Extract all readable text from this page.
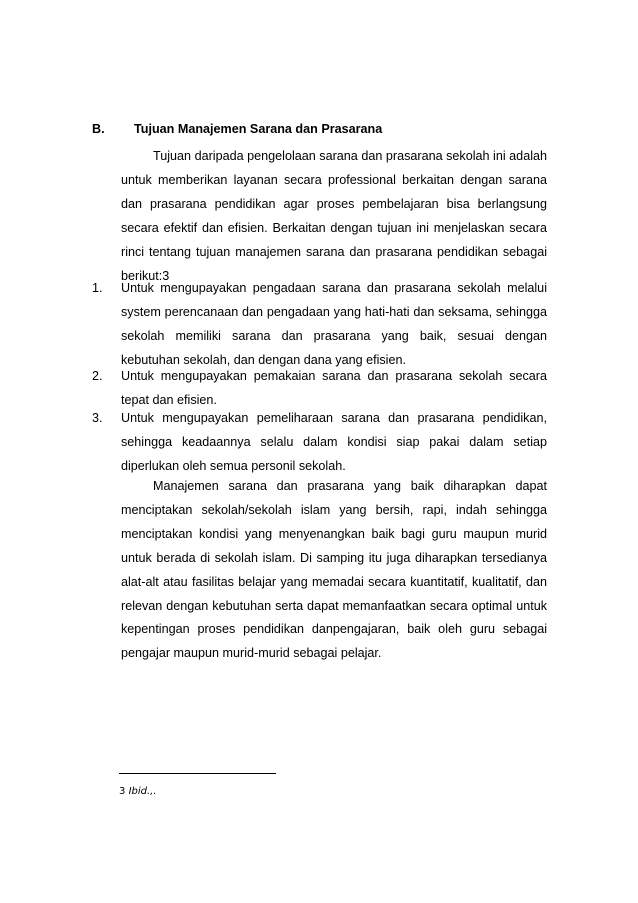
B. Tujuan Manajemen Sarana dan Prasarana

Tujuan daripada pengelolaan sarana dan prasarana sekolah ini adalah untuk memberikan layanan secara professional berkaitan dengan sarana dan prasarana pendidikan agar proses pembelajaran bisa berlangsung secara efektif dan efisien. Berkaitan dengan tujuan ini menjelaskan secara rinci tentang tujuan manajemen sarana dan prasarana pendidikan sebagai berikut:3

1.	Untuk mengupayakan pengadaan sarana dan prasarana sekolah melalui system perencanaan dan pengadaan yang hati-hati dan seksama, sehingga sekolah memiliki sarana dan prasarana yang baik, sesuai dengan kebutuhan sekolah, dan dengan dana yang efisien.
2.	Untuk mengupayakan pemakaian sarana dan prasarana sekolah secara tepat dan efisien.
3.	Untuk mengupayakan pemeliharaan sarana dan prasarana pendidikan, sehingga keadaannya selalu dalam kondisi siap pakai dalam setiap diperlukan oleh semua personil sekolah.

Manajemen sarana dan prasarana yang baik diharapkan dapat menciptakan sekolah/sekolah islam yang bersih, rapi, indah sehingga menciptakan kondisi yang menyenangkan baik bagi guru maupun murid untuk berada di sekolah islam. Di samping itu juga diharapkan tersedianya alat-alt atau fasilitas belajar yang memadai secara kuantitatif, kualitatif, dan relevan dengan kebutuhan serta dapat memanfaatkan secara optimal untuk kepentingan proses pendidikan danpengajaran, baik oleh guru sebagai pengajar maupun murid-murid sebagai pelajar.

3 Ibid.,.
